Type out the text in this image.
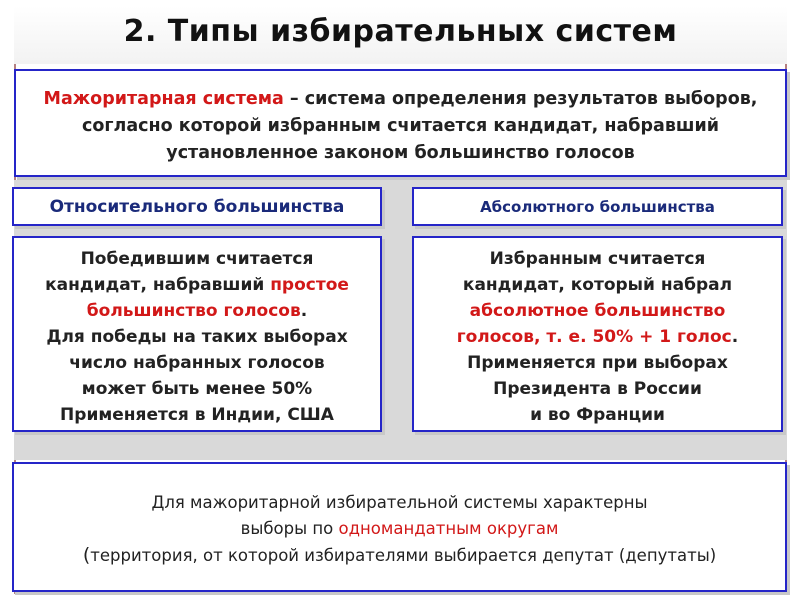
2. Типы избирательных систем
Мажоритарная система – система определения результатов выборов,
согласно которой избранным считается кандидат, набравший
установленное законом большинство голосов
Относительного большинства	Абсолютного большинства
Победившим считается
кандидат, набравший простое
большинство голосов.
Для победы на таких выборах
число набранных голосов
может быть менее 50%
Применяется в Индии, США
Избранным считается
кандидат, который набрал
абсолютное большинство
голосов, т. е. 50% + 1 голос.
Применяется при выборах
Президента в России
и во Франции
Для мажоритарной избирательной системы характерны
выборы по одномандатным округам
(территория, от которой избирателями выбирается депутат (депутаты)
